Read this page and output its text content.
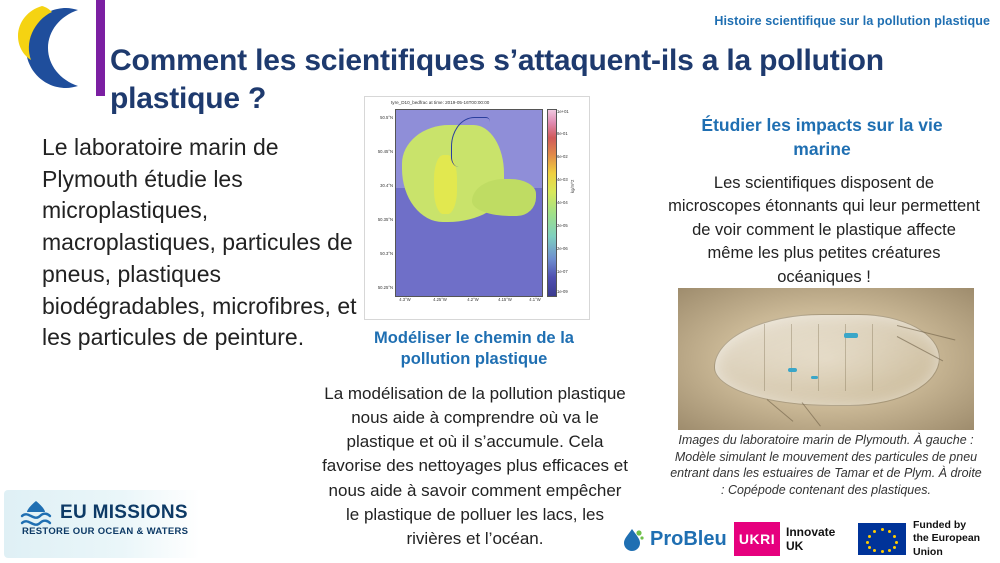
Histoire scientifique sur la pollution plastique
Comment les scientifiques s’attaquent-ils a la pollution plastique ?
Le laboratoire marin de Plymouth étudie les microplastiques, macroplastiques, particules de pneus, plastiques biodégradables, microfibres, et les particules de peinture.
tyre_D10_bedfrac at time: 2019-05-16T00:00:00
50.5°N
50.45°N
30.4°N
50.35°N
50.3°N
50.25°N
4.3°W	4.25°W	4.2°W	4.15°W	4.1°W
1e+01
8e-01
6e-02
4e-03
4e-04
2e-05
2e-06
1e-07
1e-09
kg/m^2
Modéliser le chemin de la pollution plastique
La modélisation de la pollution plastique nous aide à comprendre où va le plastique et où il s’accumule. Cela favorise des nettoyages plus efficaces et nous aide à savoir comment empêcher le plastique de polluer les lacs, les rivières et l’océan.
Étudier les impacts sur la vie marine
Les scientifiques disposent de microscopes étonnants qui leur permettent de voir comment le plastique affecte même les plus petites créatures océaniques !
Images du laboratoire marin de Plymouth. À gauche : Modèle simulant le mouvement des particules de pneu entrant dans les estuaires de Tamar et de Plym. À droite : Copépode contenant des plastiques.
EU MISSIONS
RESTORE OUR OCEAN & WATERS	ProBleu UKRI Innovate
UK
Funded by
the European Union
